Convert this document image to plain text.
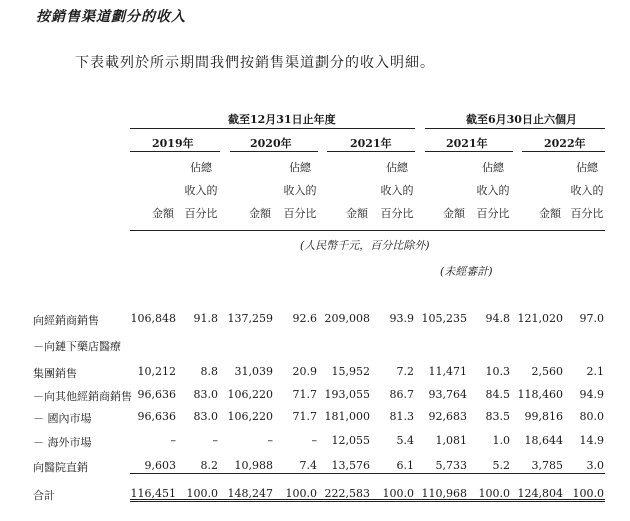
按銷售渠道劃分的收入
下表載列於所示期間我們按銷售渠道劃分的收入明細。
截至12月31日止年度	截至6月30日止六個月
2019年	2020年	2021年	2021年	2022年
佔總
收入的
百分比
佔總
收入的
百分比
佔總
收入的
百分比
佔總
收入的
百分比
佔總
收入的
百分比
金額	金額	金額	金額	金額
(人民幣千元，百分比除外)
(未經審計)
向經銷商銷售	106,848	91.8 137,259	92.6 209,008	93.9 105,235	94.8 121,020	97.0
－向鏈下藥店醫療
集團銷售	10,212	8.8	31,039	20.9	15,952	7.2	11,471	10.3	2,560	2.1
－向其他經銷商銷售 96,636	83.0 106,220	71.7 193,055	86.7	93,764	84.5 118,460	94.9
－ 國內市場	96,636	83.0 106,220	71.7 181,000	81.3	92,683	83.5	99,816	80.0
－ 海外市場	–	–	–	–	12,055	5.4	1,081	1.0	18,644	14.9
向醫院直銷	9,603	8.2	10,988	7.4	13,576	6.1	5,733	5.2	3,785	3.0
合計	116,451 100.0 148,247	100.0 222,583	100.0 110,968	100.0 124,804 100.0
